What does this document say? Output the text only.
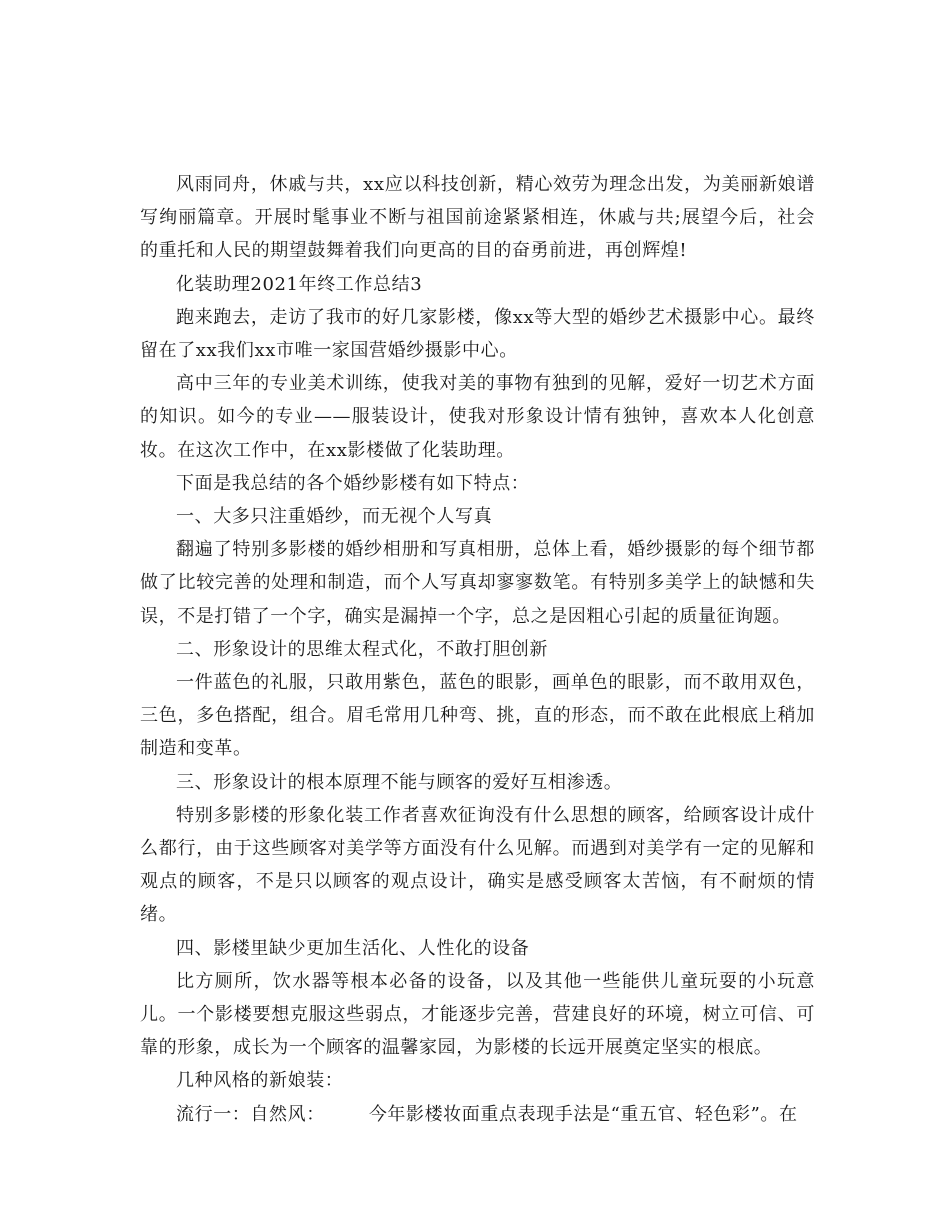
风雨同舟，休戚与共，xx应以科技创新，精心效劳为理念出发，为美丽新娘谱写绚丽篇章。开展时髦事业不断与祖国前途紧紧相连，休戚与共;展望今后，社会的重托和人民的期望鼓舞着我们向更高的目的奋勇前进，再创辉煌!

化装助理2021年终工作总结3

跑来跑去，走访了我市的好几家影楼，像xx等大型的婚纱艺术摄影中心。最终留在了xx我们xx市唯一家国营婚纱摄影中心。

高中三年的专业美术训练，使我对美的事物有独到的见解，爱好一切艺术方面的知识。如今的专业——服装设计，使我对形象设计情有独钟，喜欢本人化创意妆。在这次工作中，在xx影楼做了化装助理。

下面是我总结的各个婚纱影楼有如下特点：

一、大多只注重婚纱，而无视个人写真

翻遍了特别多影楼的婚纱相册和写真相册，总体上看，婚纱摄影的每个细节都做了比较完善的处理和制造，而个人写真却寥寥数笔。有特别多美学上的缺憾和失误，不是打错了一个字，确实是漏掉一个字，总之是因粗心引起的质量征询题。

二、形象设计的思维太程式化，不敢打胆创新

一件蓝色的礼服，只敢用紫色，蓝色的眼影，画单色的眼影，而不敢用双色，三色，多色搭配，组合。眉毛常用几种弯、挑，直的形态，而不敢在此根底上稍加制造和变革。

三、形象设计的根本原理不能与顾客的爱好互相渗透。

特别多影楼的形象化装工作者喜欢征询没有什么思想的顾客，给顾客设计成什么都行，由于这些顾客对美学等方面没有什么见解。而遇到对美学有一定的见解和观点的顾客，不是只以顾客的观点设计，确实是感受顾客太苦恼，有不耐烦的情绪。

四、影楼里缺少更加生活化、人性化的设备

比方厕所，饮水器等根本必备的设备，以及其他一些能供儿童玩耍的小玩意儿。一个影楼要想克服这些弱点，才能逐步完善，营建良好的环境，树立可信、可靠的形象，成长为一个顾客的温馨家园，为影楼的长远开展奠定坚实的根底。

几种风格的新娘装：

流行一：自然风： 今年影楼妆面重点表现手法是“重五官、轻色彩”。在
